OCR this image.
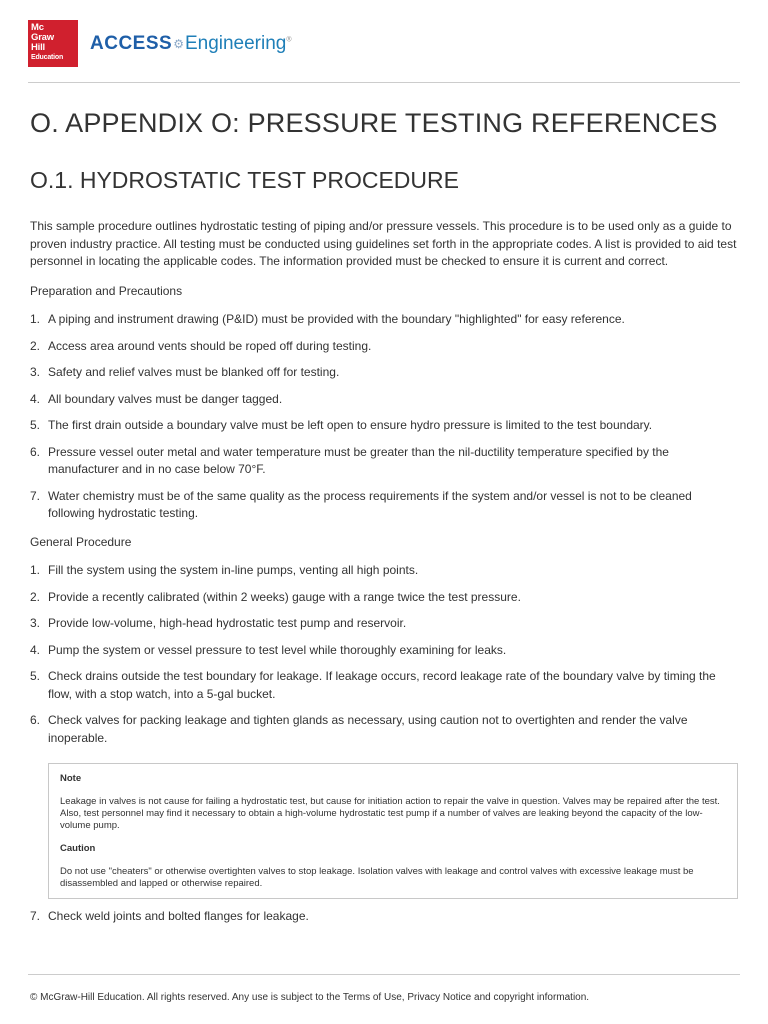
Mc
Graw
Hill
Education
ACCESS⚙Engineering®
O. APPENDIX O: PRESSURE TESTING REFERENCES
O.1. HYDROSTATIC TEST PROCEDURE

This sample procedure outlines hydrostatic testing of piping and/or pressure vessels. This procedure is to be used only as a guide to proven industry practice. All testing must be conducted using guidelines set forth in the appropriate codes. A list is provided to aid test personnel in locating the applicable codes. The information provided must be checked to ensure it is current and correct.

Preparation and Precautions

1. A piping and instrument drawing (P&ID) must be provided with the boundary "highlighted" for easy reference.
2. Access area around vents should be roped off during testing.
3. Safety and relief valves must be blanked off for testing.
4. All boundary valves must be danger tagged.
5. The first drain outside a boundary valve must be left open to ensure hydro pressure is limited to the test boundary.
6. Pressure vessel outer metal and water temperature must be greater than the nil-ductility temperature specified by the manufacturer and in no case below 70°F.
7. Water chemistry must be of the same quality as the process requirements if the system and/or vessel is not to be cleaned following hydrostatic testing.

General Procedure

1. Fill the system using the system in-line pumps, venting all high points.
2. Provide a recently calibrated (within 2 weeks) gauge with a range twice the test pressure.
3. Provide low-volume, high-head hydrostatic test pump and reservoir.
4. Pump the system or vessel pressure to test level while thoroughly examining for leaks.
5. Check drains outside the test boundary for leakage. If leakage occurs, record leakage rate of the boundary valve by timing the flow, with a stop watch, into a 5-gal bucket.
6. Check valves for packing leakage and tighten glands as necessary, using caution not to overtighten and render the valve inoperable.
Note
Leakage in valves is not cause for failing a hydrostatic test, but cause for initiation action to repair the valve in question. Valves may be repaired after the test. Also, test personnel may find it necessary to obtain a high-volume hydrostatic test pump if a number of valves are leaking beyond the capacity of the low-volume pump.
Caution
Do not use "cheaters" or otherwise overtighten valves to stop leakage. Isolation valves with leakage and control valves with excessive leakage must be disassembled and lapped or otherwise repaired.
7. Check weld joints and bolted flanges for leakage.
© McGraw-Hill Education. All rights reserved. Any use is subject to the Terms of Use, Privacy Notice and copyright information.
